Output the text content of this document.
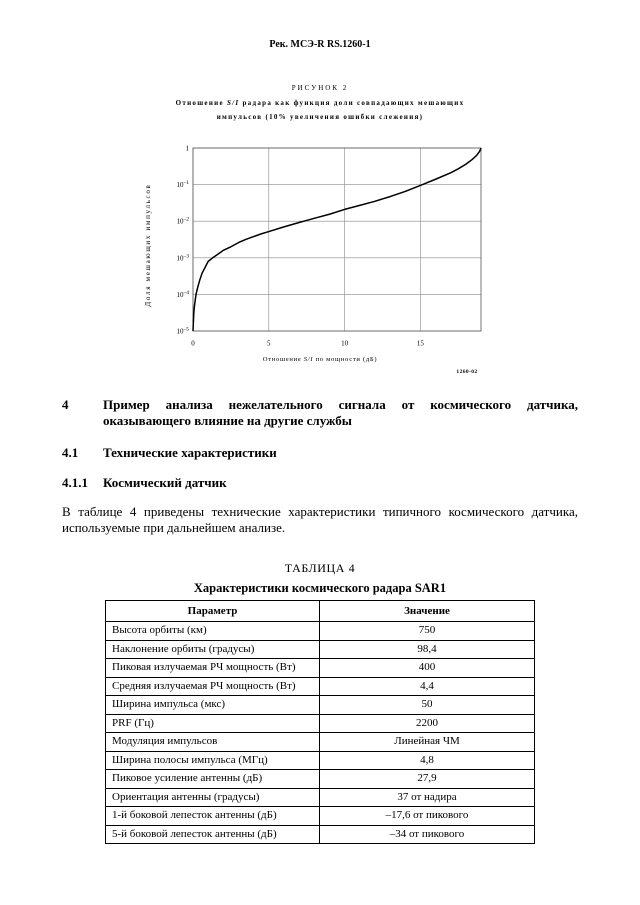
Рек. МСЭ-R RS.1260-1
РИСУНОК 2
Отношение S/I радара как функция доли совпадающих мешающих
импульсов (10% увеличения ошибки слежения)
0	5	10	15
1
$10^{-1}$
$10^{-2}$
$10^{-3}$
$10^{-4}$
$10^{-5}$
Доля мешающих импульсов
Отношение S/I по мощности (дБ)
1260-02
4	Пример анализа нежелательного сигнала от космического датчика,
оказывающего влияние на другие службы
4.1 Технические характеристики
4.1.1 Космический датчик
В таблице 4 приведены технические характеристики типичного космического датчика,
используемые при дальнейшем анализе.
ТАБЛИЦА 4
Характеристики космического радара SAR1
Параметр	Значение
Высота орбиты (км)	750
Наклонение орбиты (градусы)	98,4
Пиковая излучаемая РЧ мощность (Вт)	400
Средняя излучаемая РЧ мощность (Вт)	4,4
Ширина импульса (мкс)	50
PRF (Гц)	2200
Модуляция импульсов	Линейная ЧМ
Ширина полосы импульса (МГц)	4,8
Пиковое усиление антенны (дБ)	27,9
Ориентация антенны (градусы)	37 от надира
1-й боковой лепесток антенны (дБ)	–17,6 от пикового
5-й боковой лепесток антенны (дБ)	–34 от пикового
